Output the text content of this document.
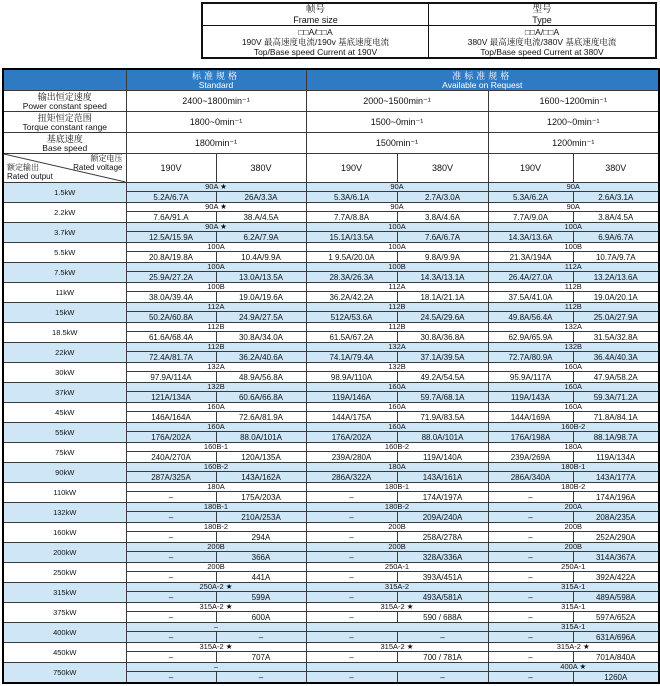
帧号
Frame size
□□A/□□A
190V 最高速度电流/190v 基底速度电流
Top/Base speed Current at 190V
型号
Type
□□A/□□A
380V 最高速度电流/380V 基底速度电流
Top/Base speed Current at 380V

标准规格
Standard

准标准规格
Available on Request

输出恒定速度
Power constant speed	2400~1800min⁻¹		2000~1500min⁻¹		1600~1200min⁻¹	

扭矩恒定范围
Torque constant range	1800~0min⁻¹		1500~0min⁻¹		1200~0min⁻¹	

基底速度
Base speed	1800min⁻¹		1500min⁻¹		1200min⁻¹	

额定电压
Rated voltage
额定输出
Rated output	190V	380V	190V	380V	190V	380V
1.5kW	90A ★		90A		90A	
	5.2A/6.7A	26A/3.3A	5.3A/6.1A	2.7A/3.0A	5.3A/6.2A	2.6A/3.1A
2.2kW	90A ★		90A		90A	
	7.6A/91.A	38.A/4.5A	7.7A/8.8A	3.8A/4.6A	7.7A/9.0A	3.8A/4.5A
3.7kW	90A ★		100A		100A	
	12.5A/15.9A	6.2A/7.9A	15.1A/13.5A	7.6A/6.7A	14.3A/13.6A	6.9A/6.7A
5.5kW	100A		100A		100B	
	20.8A/19.8A	10.4A/9.9A	1 9.5A/20.0A	9.8A/9.9A	21.3A/194A	10.7A/9.7A
7.5kW	100A		100B		112A	
	25.9A/27.2A	13.0A/13.5A	28.3A/26.3A	14.3A/13.1A	26.4A/27.0A	13.2A/13.6A
11kW	100B		112A		112B	
	38.0A/39.4A	19.0A/19.6A	36.2A/42.2A	18.1A/21.1A	37.5A/41.0A	19.0A/20.1A
15kW	112A		112B		112B	
	50.2A/60.8A	24.9A/27.5A	512A/53.6A	24.5A/29.6A	49.8A/56.4A	25.0A/27.9A
18.5kW	112B		112B		132A	
	61.6A/68.4A	30.8A/34.0A	61.5A/67.2A	30.8A/36.8A	62.9A/65.9A	31.5A/32.8A
22kW	112B		132A		132B	
	72.4A/81.7A	36.2A/40.6A	74.1A/79.4A	37.1A/39.5A	72.7A/80.9A	36.4A/40.3A
30kW	132A		132B		160A	
	97.9A/114A	48.9A/56.8A	98.9A/110A	49.2A/54.5A	95.9A/117A	47.9A/58.2A
37kW	132B		160A		160A	
	121A/134A	60.6A/66.8A	119A/146A	59.7A/68.1A	119A/143A	59.3A/71.2A
45kW	160A		160A		160A	
	146A/164A	72.6A/81.9A	144A/175A	71.9A/83.5A	144A/169A	71.8A/84.1A
55kW	160A		160A		160B-2	
	176A/202A	88.0A/101A	176A/202A	88.0A/101A	176A/198A	88.1A/98.7A
75kW	160B-1		160B-2		180A	
	240A/270A	120A/135A	239A/280A	119A/140A	239A/269A	119A/134A
90kW	160B-2		180A		180B-1	
	287A/325A	143A/162A	286A/322A	143A/161A	286A/340A	143A/177A
110kW	180A		180B-1		180B-2	
	–	175A/203A	–	174A/197A	–	174A/196A
132kW	180B-1		180B-2		200A	
	–	210A/253A	–	209A/240A	–	208A/235A
160kW	180B-2		200B		200B	
	–	294A	–	258A/278A	–	252A/290A
200kW	200B		200B		200B	
	–	366A	–	328A/336A	–	314A/367A
250kW	200B		250A-1		250A-1	
	–	441A	–	393A/451A	–	392A/422A
315kW	250A-2 ★		315A-2		315A-1	
	–	599A	–	493A/581A	–	489A/598A
375kW	315A-2 ★		315A-2 ★		315A-1	
	–	600A	–	590 / 688A	–	597A/652A
400kW	–				315A-1	
	–	–	–	–	–	631A/696A
450kW	315A-2 ★		315A-2 ★		315A-2 ★	
	–	707A	–	700 / 781A	–	701A/840A
750kW	–				400A ★	
	–	–	–	–	–	1260A
